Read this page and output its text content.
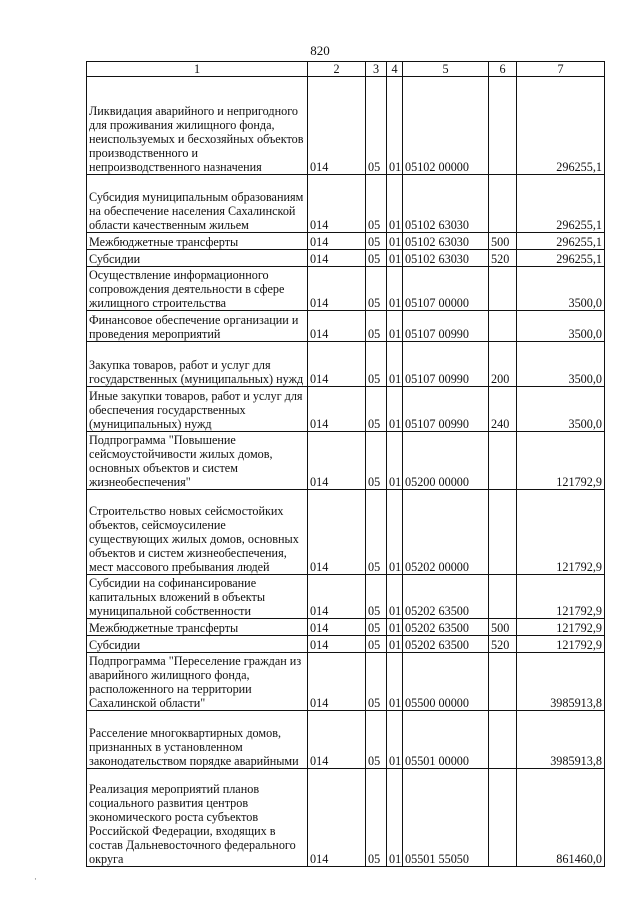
820
1	2	3	4	5	6	7
Ликвидация аварийного и непригодного для проживания жилищного фонда, неиспользуемых и бесхозяйных объектов производственного и непроизводственного назначения	014	05	01	05102 00000		296255,1
Субсидия муниципальным образованиям на обеспечение населения Сахалинской области качественным жильем	014	05	01	05102 63030		296255,1
Межбюджетные трансферты	014	05	01	05102 63030	500	296255,1
Субсидии	014	05	01	05102 63030	520	296255,1
Осуществление информационного сопровождения деятельности в сфере жилищного строительства	014	05	01	05107 00000		3500,0
Финансовое обеспечение организации и проведения мероприятий	014	05	01	05107 00990		3500,0
Закупка товаров, работ и услуг для государственных (муниципальных) нужд	014	05	01	05107 00990	200	3500,0
Иные закупки товаров, работ и услуг для обеспечения государственных (муниципальных) нужд	014	05	01	05107 00990	240	3500,0
Подпрограмма "Повышение сейсмоустойчивости жилых домов, основных объектов и систем жизнеобеспечения"	014	05	01	05200 00000		121792,9
Строительство новых сейсмостойких объектов, сейсмоусиление существующих жилых домов, основных объектов и систем жизнеобеспечения, мест массового пребывания людей	014	05	01	05202 00000		121792,9
Субсидии на софинансирование капитальных вложений в объекты муниципальной собственности	014	05	01	05202 63500		121792,9
Межбюджетные трансферты	014	05	01	05202 63500	500	121792,9
Субсидии	014	05	01	05202 63500	520	121792,9
Подпрограмма "Переселение граждан из аварийного жилищного фонда, расположенного на территории Сахалинской области"	014	05	01	05500 00000		3985913,8
Расселение многоквартирных домов, признанных в установленном законодательством порядке аварийными	014	05	01	05501 00000		3985913,8
Реализация мероприятий планов социального развития центров экономического роста субъектов Российской Федерации, входящих в состав Дальневосточного федерального округа	014	05	01	05501 55050		861460,0
·
